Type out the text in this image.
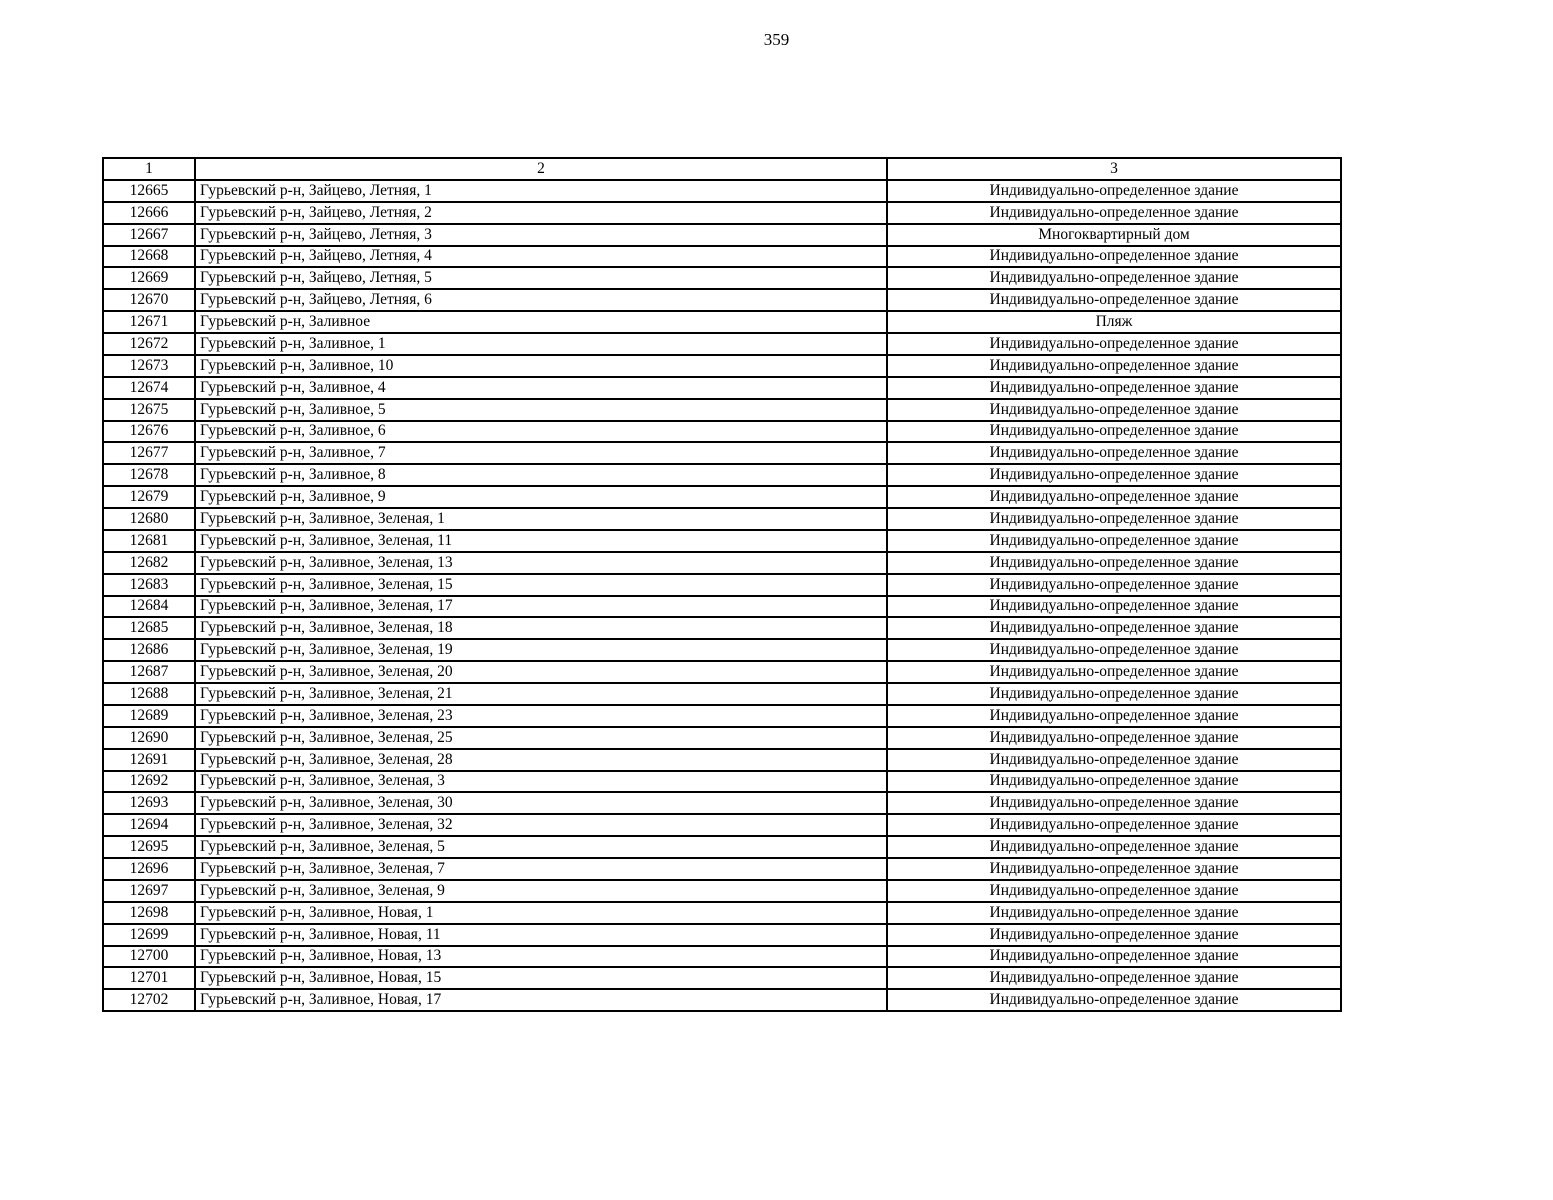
359
1	2	3
12665	Гурьевский р-н, Зайцево, Летняя, 1	Индивидуально-определенное здание
12666	Гурьевский р-н, Зайцево, Летняя, 2	Индивидуально-определенное здание
12667	Гурьевский р-н, Зайцево, Летняя, 3	Многоквартирный дом
12668	Гурьевский р-н, Зайцево, Летняя, 4	Индивидуально-определенное здание
12669	Гурьевский р-н, Зайцево, Летняя, 5	Индивидуально-определенное здание
12670	Гурьевский р-н, Зайцево, Летняя, 6	Индивидуально-определенное здание
12671	Гурьевский р-н, Заливное	Пляж
12672	Гурьевский р-н, Заливное, 1	Индивидуально-определенное здание
12673	Гурьевский р-н, Заливное, 10	Индивидуально-определенное здание
12674	Гурьевский р-н, Заливное, 4	Индивидуально-определенное здание
12675	Гурьевский р-н, Заливное, 5	Индивидуально-определенное здание
12676	Гурьевский р-н, Заливное, 6	Индивидуально-определенное здание
12677	Гурьевский р-н, Заливное, 7	Индивидуально-определенное здание
12678	Гурьевский р-н, Заливное, 8	Индивидуально-определенное здание
12679	Гурьевский р-н, Заливное, 9	Индивидуально-определенное здание
12680	Гурьевский р-н, Заливное, Зеленая, 1	Индивидуально-определенное здание
12681	Гурьевский р-н, Заливное, Зеленая, 11	Индивидуально-определенное здание
12682	Гурьевский р-н, Заливное, Зеленая, 13	Индивидуально-определенное здание
12683	Гурьевский р-н, Заливное, Зеленая, 15	Индивидуально-определенное здание
12684	Гурьевский р-н, Заливное, Зеленая, 17	Индивидуально-определенное здание
12685	Гурьевский р-н, Заливное, Зеленая, 18	Индивидуально-определенное здание
12686	Гурьевский р-н, Заливное, Зеленая, 19	Индивидуально-определенное здание
12687	Гурьевский р-н, Заливное, Зеленая, 20	Индивидуально-определенное здание
12688	Гурьевский р-н, Заливное, Зеленая, 21	Индивидуально-определенное здание
12689	Гурьевский р-н, Заливное, Зеленая, 23	Индивидуально-определенное здание
12690	Гурьевский р-н, Заливное, Зеленая, 25	Индивидуально-определенное здание
12691	Гурьевский р-н, Заливное, Зеленая, 28	Индивидуально-определенное здание
12692	Гурьевский р-н, Заливное, Зеленая, 3	Индивидуально-определенное здание
12693	Гурьевский р-н, Заливное, Зеленая, 30	Индивидуально-определенное здание
12694	Гурьевский р-н, Заливное, Зеленая, 32	Индивидуально-определенное здание
12695	Гурьевский р-н, Заливное, Зеленая, 5	Индивидуально-определенное здание
12696	Гурьевский р-н, Заливное, Зеленая, 7	Индивидуально-определенное здание
12697	Гурьевский р-н, Заливное, Зеленая, 9	Индивидуально-определенное здание
12698	Гурьевский р-н, Заливное, Новая, 1	Индивидуально-определенное здание
12699	Гурьевский р-н, Заливное, Новая, 11	Индивидуально-определенное здание
12700	Гурьевский р-н, Заливное, Новая, 13	Индивидуально-определенное здание
12701	Гурьевский р-н, Заливное, Новая, 15	Индивидуально-определенное здание
12702	Гурьевский р-н, Заливное, Новая, 17	Индивидуально-определенное здание
